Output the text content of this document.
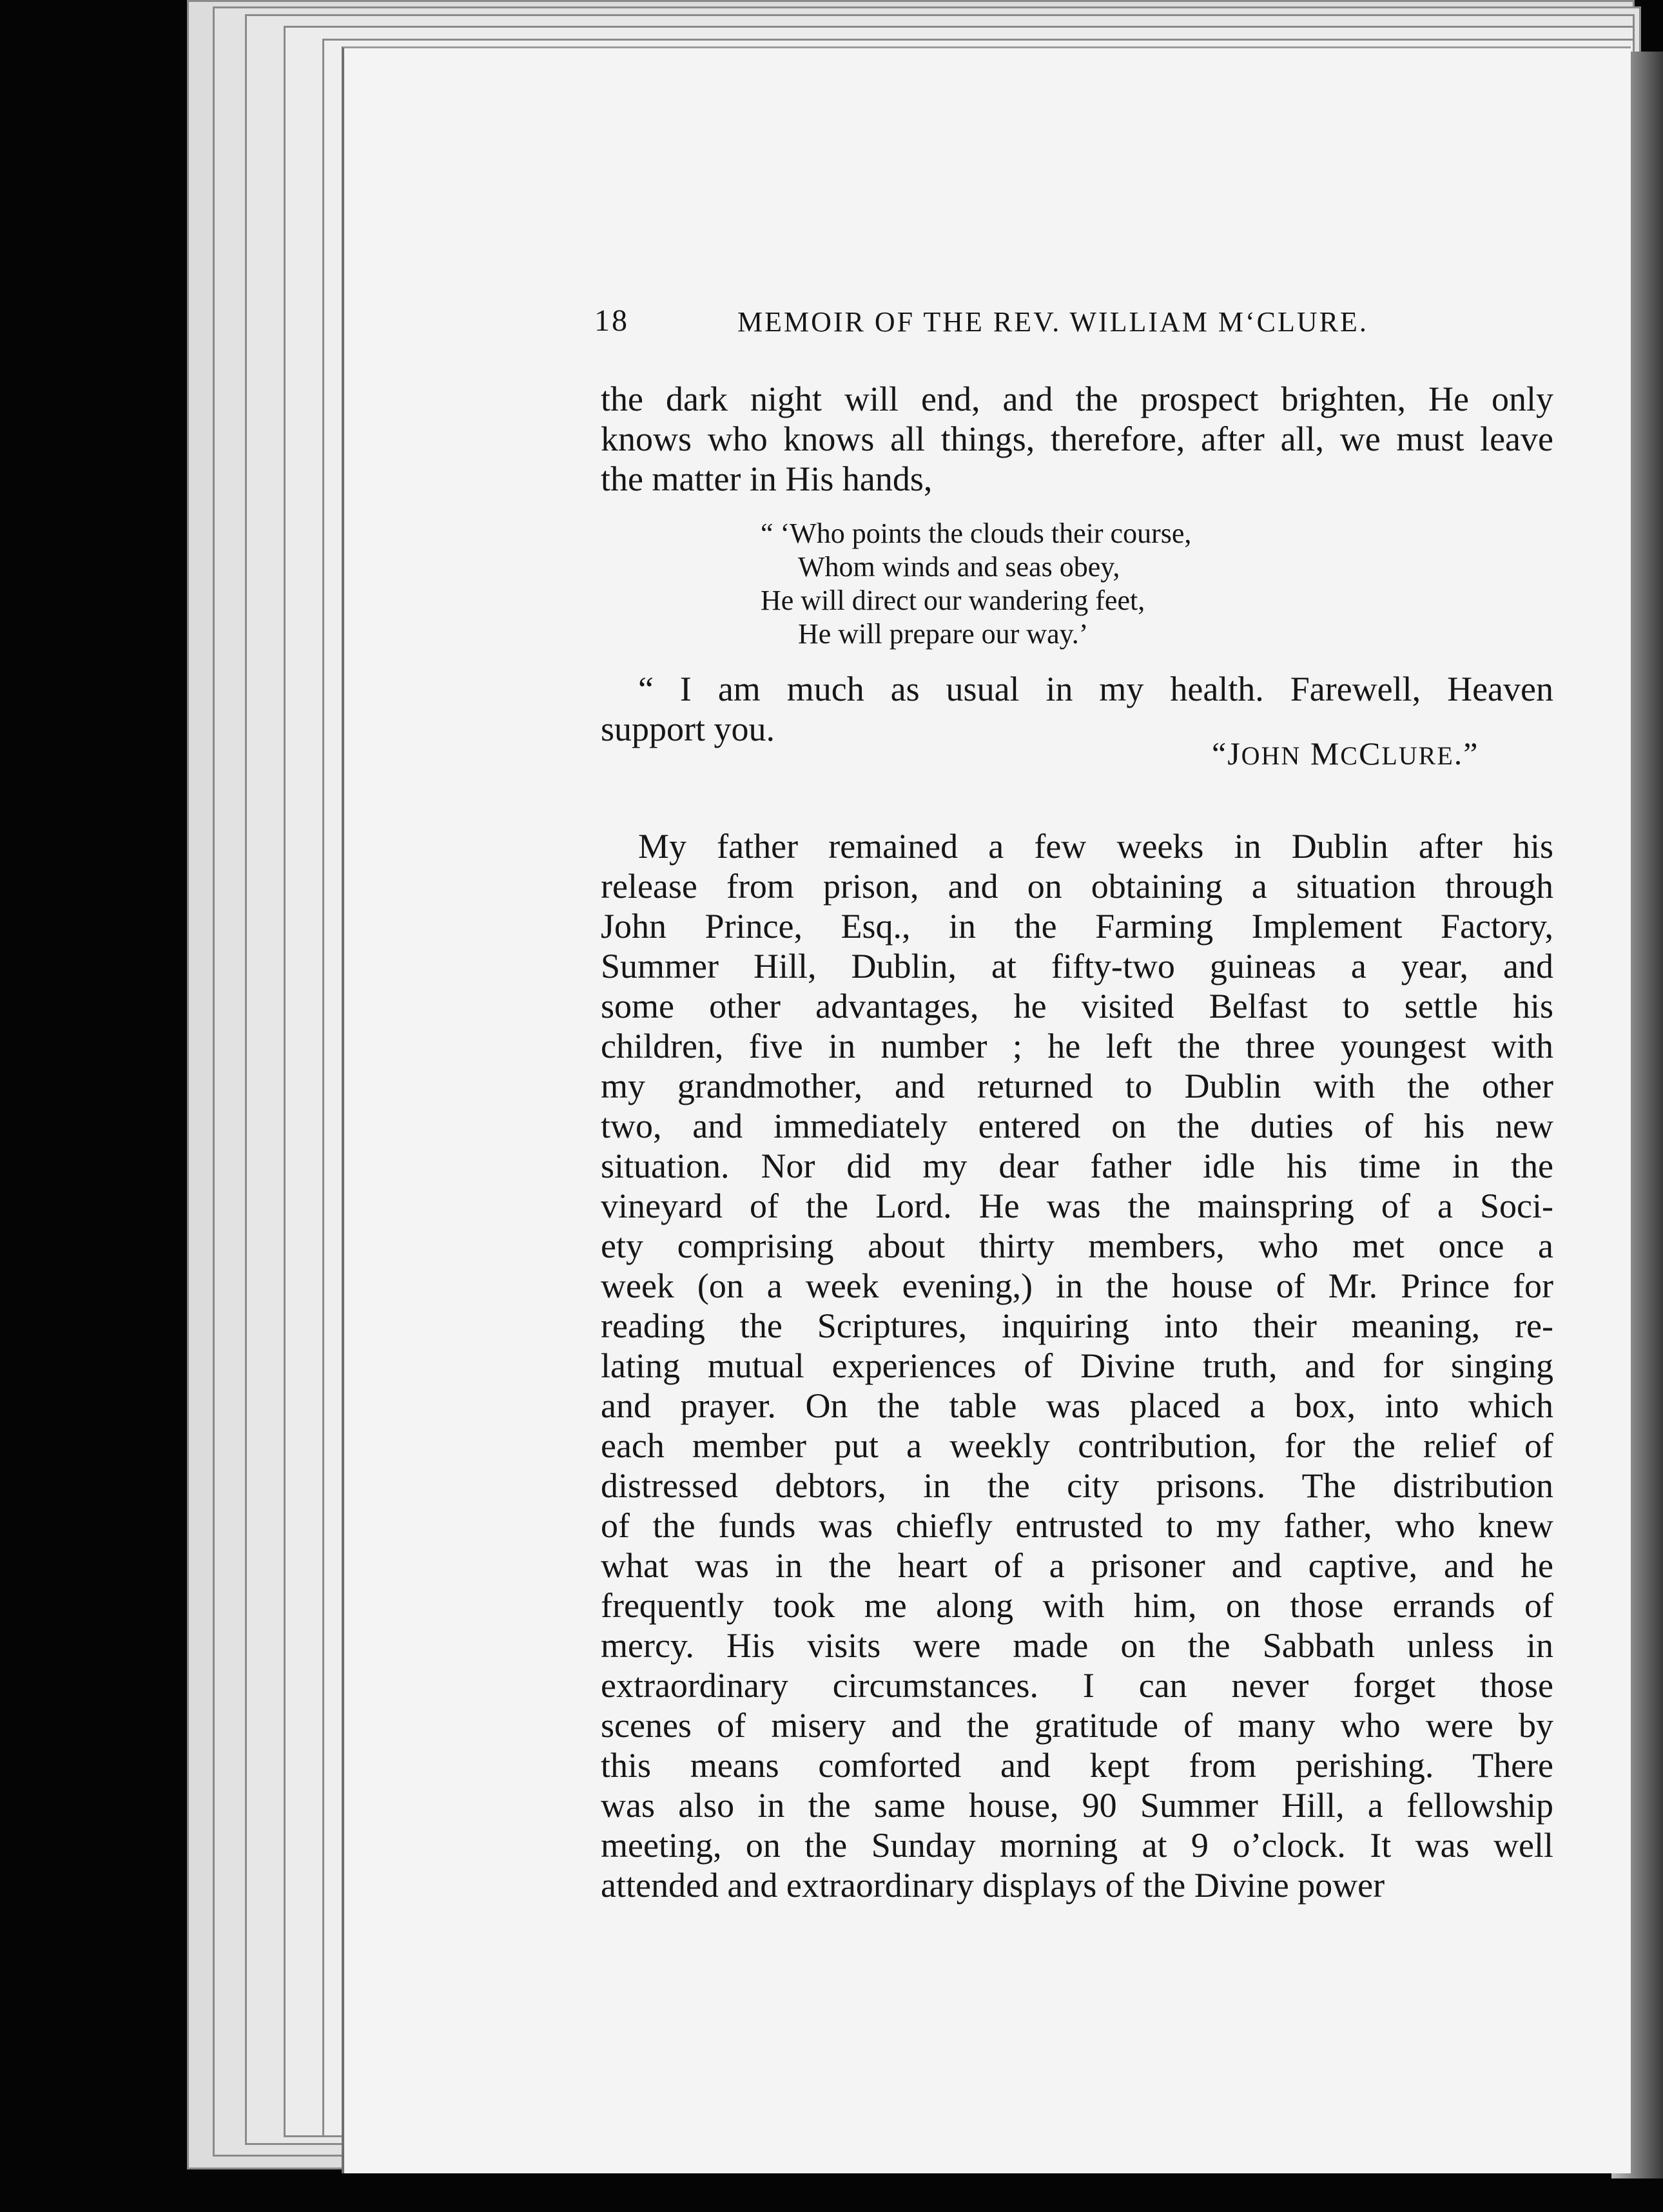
18	MEMOIR OF THE REV. WILLIAM M‘CLURE.
the dark night will end, and the prospect brighten, He only
knows who knows all things, therefore, after all, we must leave
the matter in His hands,
“ ‘Who points the clouds their course,
Whom winds and seas obey,
He will direct our wandering feet,
He will prepare our way.’
“ I am much as usual in my health. Farewell, Heaven
support you.
“JOHN MCCLURE.”
My father remained a few weeks in Dublin after his
release from prison, and on obtaining a situation through
John Prince, Esq., in the Farming Implement Factory,
Summer Hill, Dublin, at fifty-two guineas a year, and
some other advantages, he visited Belfast to settle his
children, five in number ; he left the three youngest with
my grandmother, and returned to Dublin with the other
two, and immediately entered on the duties of his new
situation. Nor did my dear father idle his time in the
vineyard of the Lord. He was the mainspring of a Soci-
ety comprising about thirty members, who met once a
week (on a week evening,) in the house of Mr. Prince for
reading the Scriptures, inquiring into their meaning, re-
lating mutual experiences of Divine truth, and for singing
and prayer. On the table was placed a box, into which
each member put a weekly contribution, for the relief of
distressed debtors, in the city prisons. The distribution
of the funds was chiefly entrusted to my father, who knew
what was in the heart of a prisoner and captive, and he
frequently took me along with him, on those errands of
mercy. His visits were made on the Sabbath unless in
extraordinary circumstances. I can never forget those
scenes of misery and the gratitude of many who were by
this means comforted and kept from perishing. There
was also in the same house, 90 Summer Hill, a fellowship
meeting, on the Sunday morning at 9 o’clock. It was well
attended and extraordinary displays of the Divine power
